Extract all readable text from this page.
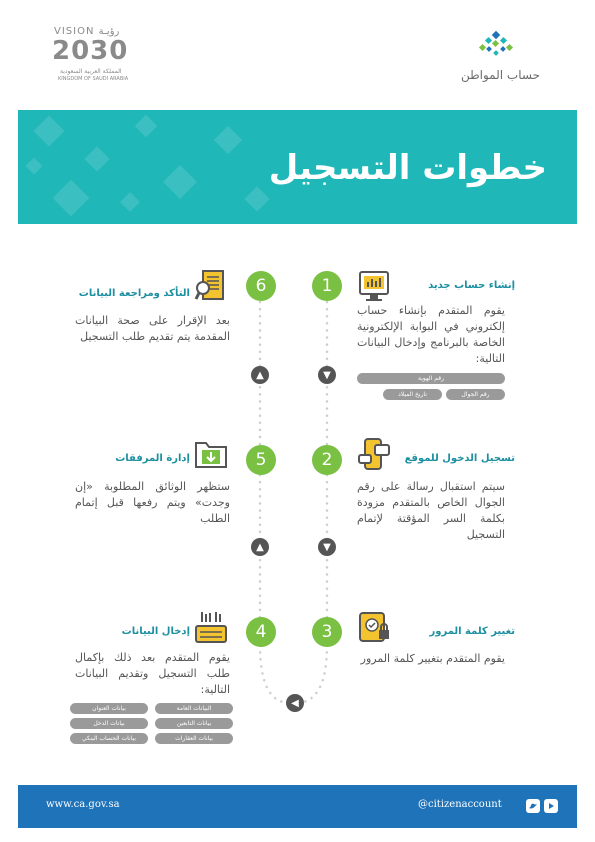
VISION رؤيـة
2030
المملكة العربية السعودية
KINGDOM OF SAUDI ARABIA	حساب المواطن
خطوات التسجيل
1	إنشاء حساب جديد
يقوم المتقدم بإنشاء حساب إلكتروني في البوابة الإلكترونية الخاصة بالبرنامج وإدخال البيانات التالية:
رقم الهوية
رقم الجوال
تاريخ الميلاد
6
التأكد ومراجعة البيانات
بعد الإقرار على صحة البيانات المقدمة يتم تقديم طلب التسجيل
▼
▲
2	تسجيل الدخول للموقع
سيتم استقبال رسالة على رقم الجوال الخاص بالمتقدم مزودة بكلمة السر المؤقتة لإتمام التسجيل
5
إدارة المرفقات
ستظهر الوثائق المطلوبة «إن وجدت» ويتم رفعها قبل إتمام الطلب
▼
▲
3	تغيير كلمة المرور
يقوم المتقدم بتغيير كلمة المرور
4
إدخال البيانات
يقوم المتقدم بعد ذلك بإكمال طلب التسجيل وتقديم البيانات التالية:
البيانات العامة
بيانات العنوان
بيانات التابعين
بيانات الدخل
بيانات العقارات
بيانات الحساب البنكي
◀
www.ca.gov.sa	@citizenaccount
